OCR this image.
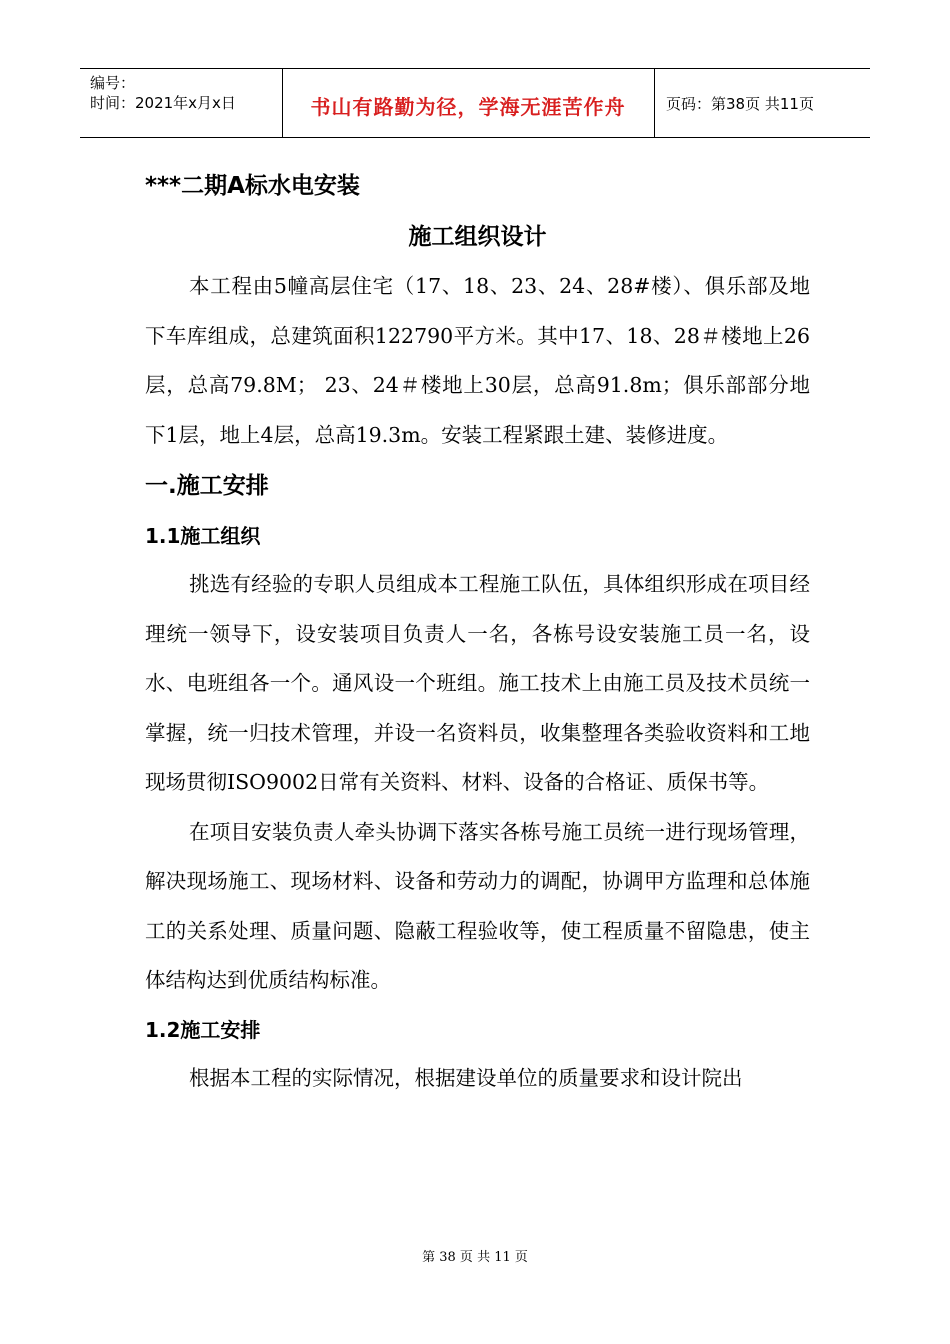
编号：
时间：2021年x月x日	书山有路勤为径，学海无涯苦作舟	页码：第38页 共11页
***二期A标水电安装
施工组织设计

本工程由5幢高层住宅（17、18、23、24、28#楼）、俱乐部及地下车库组成，总建筑面积122790平方米。其中17、18、28＃楼地上26层，总高79.8M； 23、24＃楼地上30层，总高91.8m；俱乐部部分地下1层，地上4层，总高19.3m。安装工程紧跟土建、装修进度。

一.施工安排
1.1施工组织

挑选有经验的专职人员组成本工程施工队伍，具体组织形成在项目经理统一领导下，设安装项目负责人一名，各栋号设安装施工员一名，设水、电班组各一个。通风设一个班组。施工技术上由施工员及技术员统一掌握，统一归技术管理，并设一名资料员，收集整理各类验收资料和工地现场贯彻ISO9002日常有关资料、材料、设备的合格证、质保书等。

在项目安装负责人牵头协调下落实各栋号施工员统一进行现场管理，解决现场施工、现场材料、设备和劳动力的调配，协调甲方监理和总体施工的关系处理、质量问题、隐蔽工程验收等，使工程质量不留隐患，使主体结构达到优质结构标准。

1.2施工安排

根据本工程的实际情况，根据建设单位的质量要求和设计院出

第 38 页 共 11 页
